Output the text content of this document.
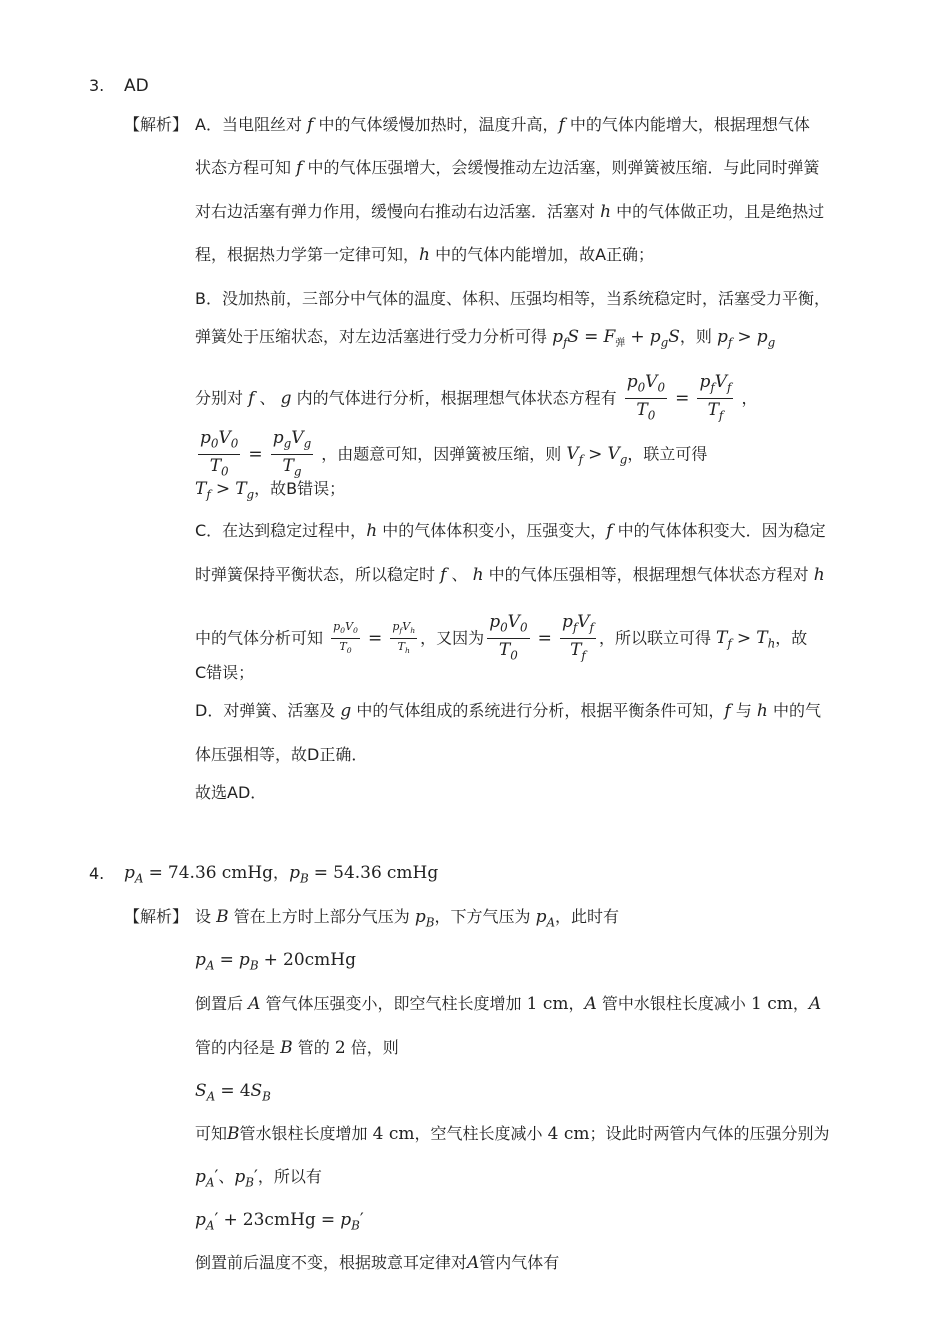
3. AD
【解析】 A．当电阻丝对 f 中的气体缓慢加热时，温度升高，f 中的气体内能增大，根据理想气体
状态方程可知 f 中的气体压强增大，会缓慢推动左边活塞，则弹簧被压缩．与此同时弹簧
对右边活塞有弹力作用，缓慢向右推动右边活塞．活塞对 h 中的气体做正功，且是绝热过
程，根据热力学第一定律可知，h 中的气体内能增加，故A正确；
B．没加热前，三部分中气体的温度、体积、压强均相等，当系统稳定时，活塞受力平衡，
弹簧处于压缩状态，对左边活塞进行受力分析可得 $p_fS = F_弹 + p_gS$，则 $p_f > p_g$
分别对 f 、 g 内的气体进行分析，根据理想气体状态方程有 $\frac{p_0V_0}{T_0} = \frac{p_fV_f}{T_f}$ ，
$\frac{p_0V_0}{T_0} = \frac{p_gV_g}{T_g}$ ，由题意可知，因弹簧被压缩，则 $V_f > V_g$，联立可得
$T_f > T_g$，故B错误；
C．在达到稳定过程中，h 中的气体体积变小，压强变大，f 中的气体体积变大．因为稳定
时弹簧保持平衡状态，所以稳定时 f 、 h 中的气体压强相等，根据理想气体状态方程对 h
中的气体分析可知 $\frac{p_0V_0}{T_0} = \frac{p_fV_h}{T_h}$ ，又因为 $\frac{p_0V_0}{T_0} = \frac{p_fV_f}{T_f}$ ，所以联立可得 $T_f > T_h$，故
C错误；
D．对弹簧、活塞及 g 中的气体组成的系统进行分析，根据平衡条件可知，f 与 h 中的气
体压强相等，故D正确．
故选AD．
4. $p_A = 74.36$ cmHg，$p_B = 54.36$ cmHg
【解析】 设 B 管在上方时上部分气压为 $p_B$，下方气压为 $p_A$，此时有
$p_A = p_B$ + 20cmHg
倒置后 A 管气体压强变小，即空气柱长度增加 1 cm，A 管中水银柱长度减小 1 cm，A
管的内径是 B 管的 2 倍，则
$S_A = 4S_B$
可知B管水银柱长度增加 4 cm，空气柱长度减小 4 cm；设此时两管内气体的压强分别为
$p_A'$、$p_B'$，所以有
$p_A'$ + 23cmHg = $p_B'$
倒置前后温度不变，根据玻意耳定律对A管内气体有
